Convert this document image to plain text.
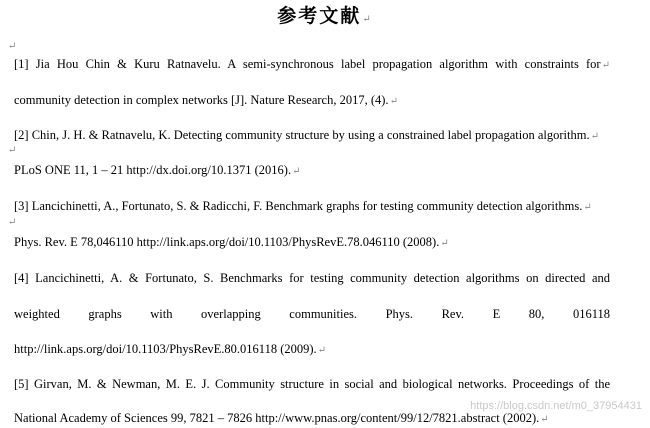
参考文献↵
↵
[1] Jia Hou Chin & Kuru Ratnavelu. A semi-synchronous label propagation algorithm with constraints for↵
community detection in complex networks [J]. Nature Research, 2017, (4).↵
[2] Chin, J. H. & Ratnavelu, K. Detecting community structure by using a constrained label propagation algorithm.↵
↵
PLoS ONE 11, 1 – 21 http://dx.doi.org/10.1371 (2016).↵
[3] Lancichinetti, A., Fortunato, S. & Radicchi, F. Benchmark graphs for testing community detection algorithms.↵
↵
Phys. Rev. E 78,046110 http://link.aps.org/doi/10.1103/PhysRevE.78.046110 (2008).↵
[4] Lancichinetti, A. & Fortunato, S. Benchmarks for testing community detection algorithms on directed and
weighted graphs with overlapping communities. Phys. Rev. E 80, 016118
http://link.aps.org/doi/10.1103/PhysRevE.80.016118 (2009).↵
[5] Girvan, M. & Newman, M. E. J. Community structure in social and biological networks. Proceedings of the
National Academy of Sciences 99, 7821 – 7826 http://www.pnas.org/content/99/12/7821.abstract (2002).↵
https://blog.csdn.net/m0_37954431
